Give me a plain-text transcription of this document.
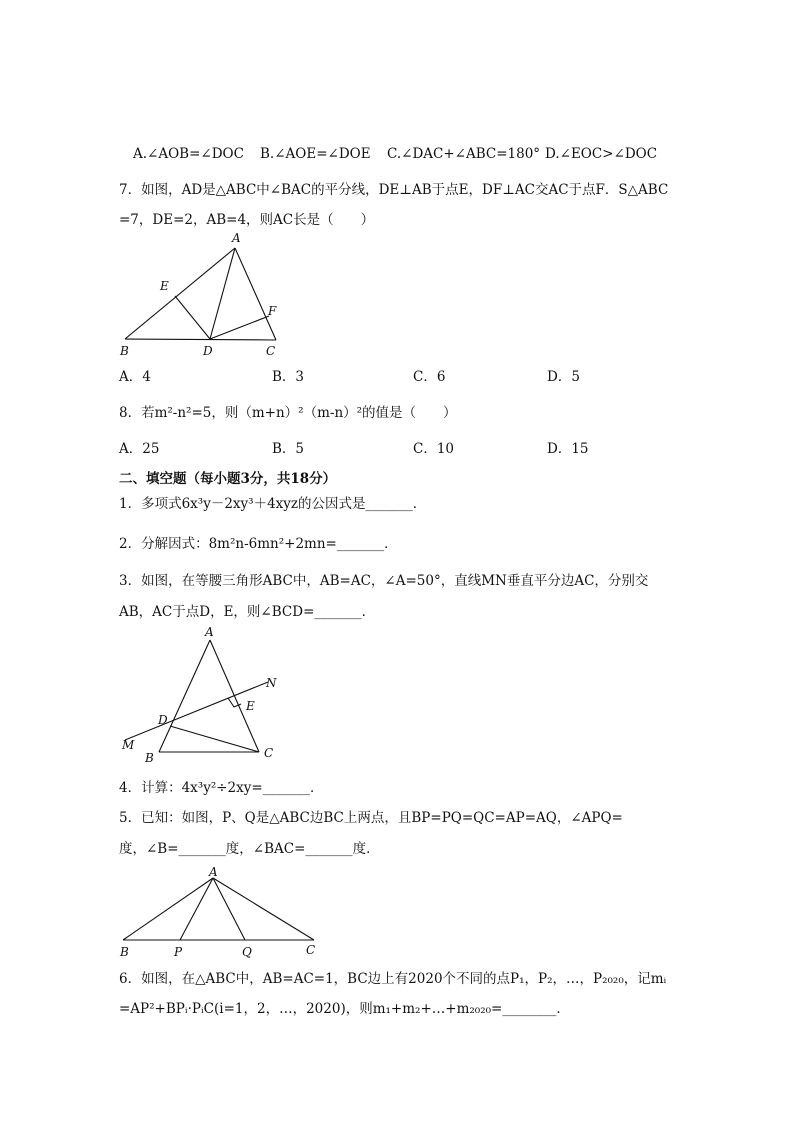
A.∠AOB=∠DOC B.∠AOE=∠DOE C.∠DAC+∠ABC=180° D.∠EOC>∠DOC
7．如图，AD是△ABC中∠BAC的平分线，DE⊥AB于点E，DF⊥AC交AC于点F．S△ABC
=7，DE=2，AB=4，则AC长是（　　）
A
E
F
B	D	C
A．4	B．3	C．6	D．5
8．若m²-n²=5，则（m+n）²（m-n）²的值是（　　）
A．25	B．5	C．10	D．15
二、填空题（每小题3分，共18分）
1．多项式6x³y－2xy³＋4xyz的公因式是_______．
2．分解因式：8m²n-6mn²+2mn=_______．
3．如图，在等腰三角形ABC中，AB=AC，∠A=50°，直线MN垂直平分边AC，分别交
AB，AC于点D，E，则∠BCD=_______．
A
N
E
D
M
B	C
4．计算：4x³y²÷2xy=_______．
5．已知：如图，P、Q是△ABC边BC上两点，且BP=PQ=QC=AP=AQ，∠APQ=
度，∠B=_______度，∠BAC=_______度．
A
B	P	Q	C
6．如图，在△ABC中，AB=AC=1，BC边上有2020个不同的点P₁，P₂，…，P₂₀₂₀，记mᵢ
=AP²+BPᵢ·PᵢC(i=1，2，…，2020)，则m₁+m₂+…+m₂₀₂₀=________．
